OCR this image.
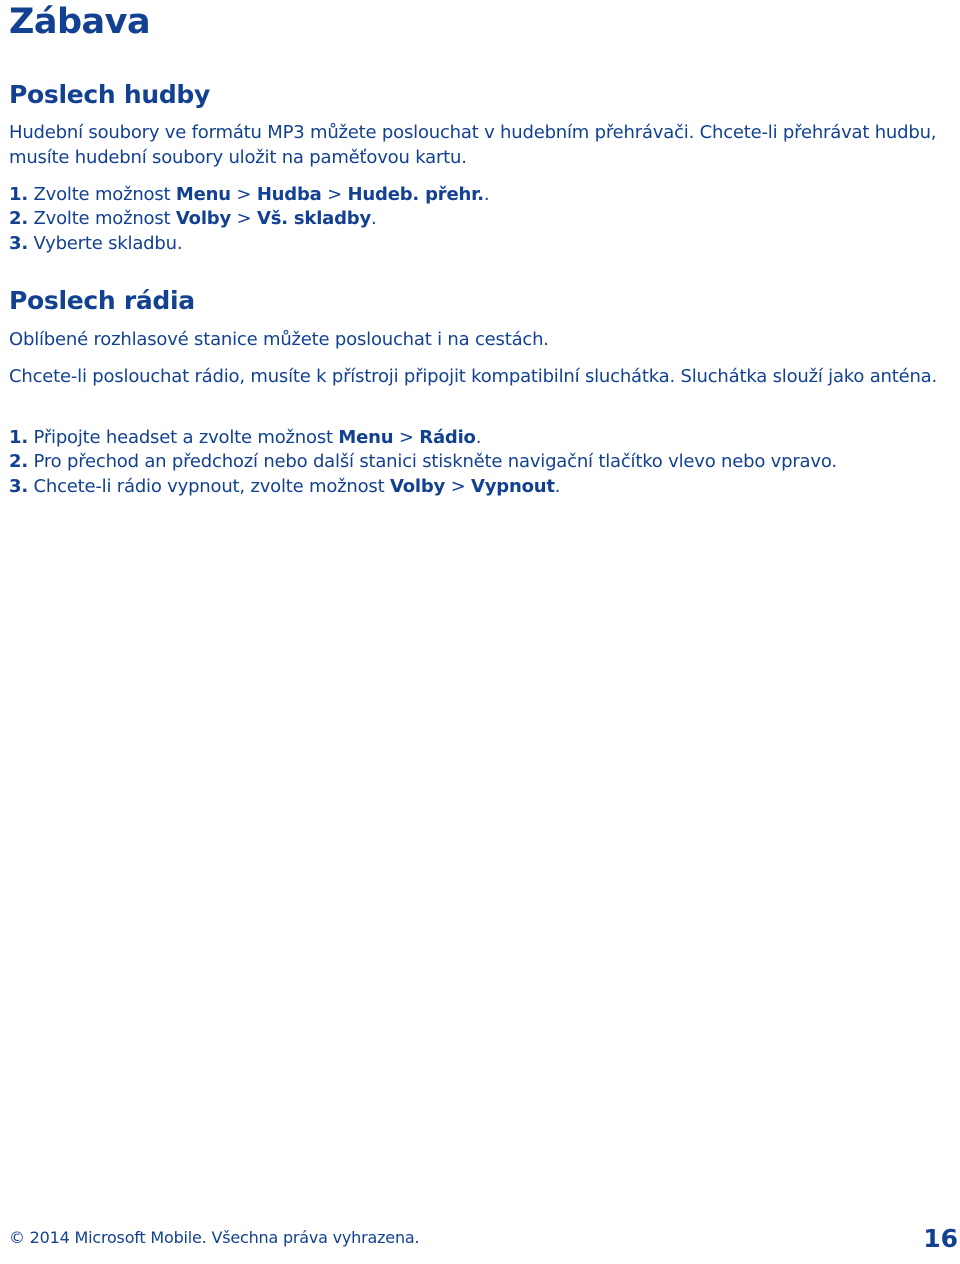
Zábava
Poslech hudby

Hudební soubory ve formátu MP3 můžete poslouchat v hudebním přehrávači. Chcete-li přehrávat hudbu, musíte hudební soubory uložit na paměťovou kartu.

1. Zvolte možnost Menu > Hudba > Hudeb. přehr..

2. Zvolte možnost Volby > Vš. skladby.

3. Vyberte skladbu.

Poslech rádia

Oblíbené rozhlasové stanice můžete poslouchat i na cestách.

Chcete-li poslouchat rádio, musíte k přístroji připojit kompatibilní sluchátka. Sluchátka slouží jako anténa.

1. Připojte headset a zvolte možnost Menu > Rádio.

2. Pro přechod an předchozí nebo další stanici stiskněte navigační tlačítko vlevo nebo vpravo.

3. Chcete-li rádio vypnout, zvolte možnost Volby > Vypnout.

© 2014 Microsoft Mobile. Všechna práva vyhrazena.	16
